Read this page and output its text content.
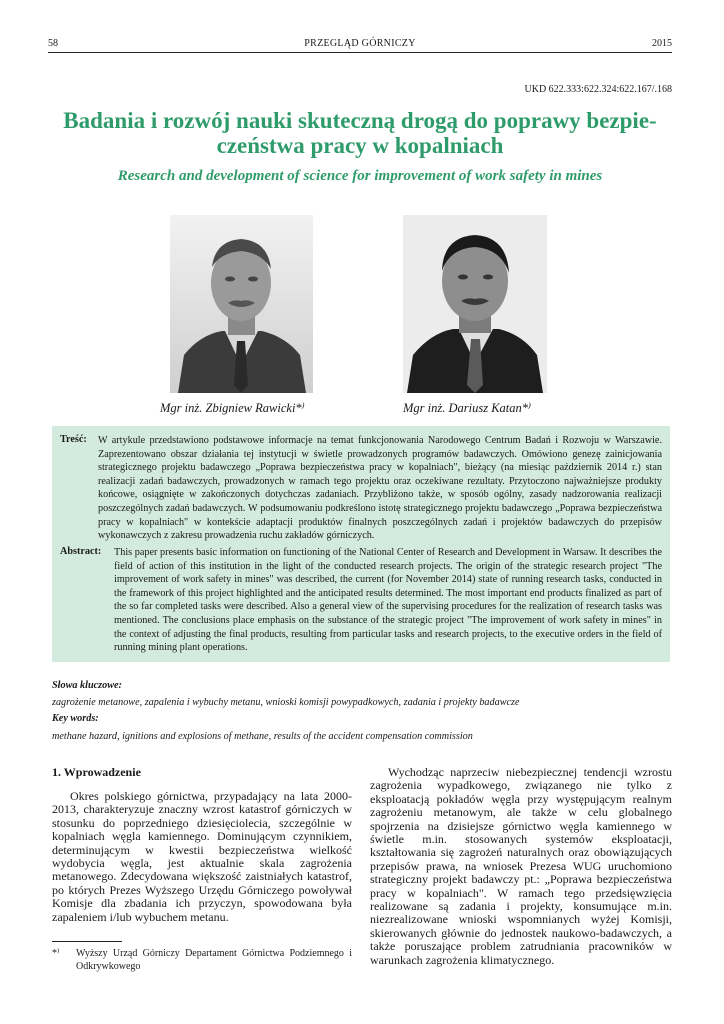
58	PRZEGLĄD GÓRNICZY	2015
UKD 622.333:622.324:622.167/.168
Badania i rozwój nauki skuteczną drogą do poprawy bezpie-
czeństwa pracy w kopalniach
Research and development of science for improvement of work safety in mines
Mgr inż. Zbigniew Rawicki*⁾	Mgr inż. Dariusz Katan*⁾
Treść: W artykule przedstawiono podstawowe informacje na temat funkcjonowania Narodowego Centrum Badań i Rozwoju w Warszawie. Zaprezentowano obszar działania tej instytucji w świetle prowadzonych programów badawczych. Omówiono genezę zainicjowania strategicznego projektu badawczego „Poprawa bezpieczeństwa pracy w kopalniach", bieżący (na miesiąc październik 2014 r.) stan realizacji zadań badawczych, prowadzonych w ramach tego projektu oraz oczekiwane rezultaty. Przytoczono najważniejsze produkty końcowe, osiągnięte w zakończonych dotychczas zadaniach. Przybliżono także, w sposób ogólny, zasady nadzorowania realizacji poszczególnych zadań badawczych. W podsumowaniu podkreślono istotę strategicznego projektu badawczego „Poprawa bezpieczeństwa pracy w kopalniach" w kontekście adaptacji produktów finalnych poszczególnych zadań i projektów badawczych do przepisów wykonawczych z zakresu prowadzenia ruchu zakładów górniczych.

Abstract: This paper presents basic information on functioning of the National Center of Research and Development in Warsaw. It describes the field of action of this institution in the light of the conducted research projects. The origin of the strategic research project "The improvement of work safety in mines" was described, the current (for November 2014) state of running research tasks, conducted in the framework of this project highlighted and the anticipated results determined. The most important end products finalized as part of the so far completed tasks were described. Also a general view of the supervising procedures for the realization of research tasks was mentioned. The conclusions place emphasis on the substance of the strategic project "The improvement of work safety in mines" in the context of adjusting the final products, resulting from particular tasks and research projects, to the executive orders in the field of running mining plant operations.

Słowa kluczowe:
zagrożenie metanowe, zapalenia i wybuchy metanu, wnioski komisji powypadkowych, zadania i projekty badawcze
Key words:
methane hazard, ignitions and explosions of methane, results of the accident compensation commission
1. Wprowadzenie

Okres polskiego górnictwa, przypadający na lata 2000-2013, charakteryzuje znaczny wzrost katastrof górniczych w stosunku do poprzedniego dziesięciolecia, szczególnie w kopalniach węgla kamiennego. Dominującym czynnikiem, determinującym w kwestii bezpieczeństwa wielkość wydobycia węgla, jest aktualnie skala zagrożenia metanowego. Zdecydowana większość zaistniałych katastrof, po których Prezes Wyższego Urzędu Górniczego powoływał Komisje dla zbadania ich przyczyn, spowodowana była zapaleniem i/lub wybuchem metanu.

Wychodząc naprzeciw niebezpiecznej tendencji wzrostu zagrożenia wypadkowego, związanego nie tylko z eksploatacją pokładów węgla przy występującym realnym zagrożeniu metanowym, ale także w celu globalnego spojrzenia na dzisiejsze górnictwo węgla kamiennego w świetle m.in. stosowanych systemów eksploatacji, kształtowania się zagrożeń naturalnych oraz obowiązujących przepisów prawa, na wniosek Prezesa WUG uruchomiono strategiczny projekt badawczy pt.: „Poprawa bezpieczeństwa pracy w kopalniach". W ramach tego przedsięwzięcia realizowane są zadania i projekty, konsumujące m.in. niezrealizowane wnioski wspomnianych wyżej Komisji, skierowanych głównie do jednostek naukowo-badawczych, a także poruszające problem zatrudniania pracowników w warunkach zagrożenia klimatycznego.

*⁾ Wyższy Urząd Górniczy Departament Górnictwa Podziemnego i Odkrywkowego
